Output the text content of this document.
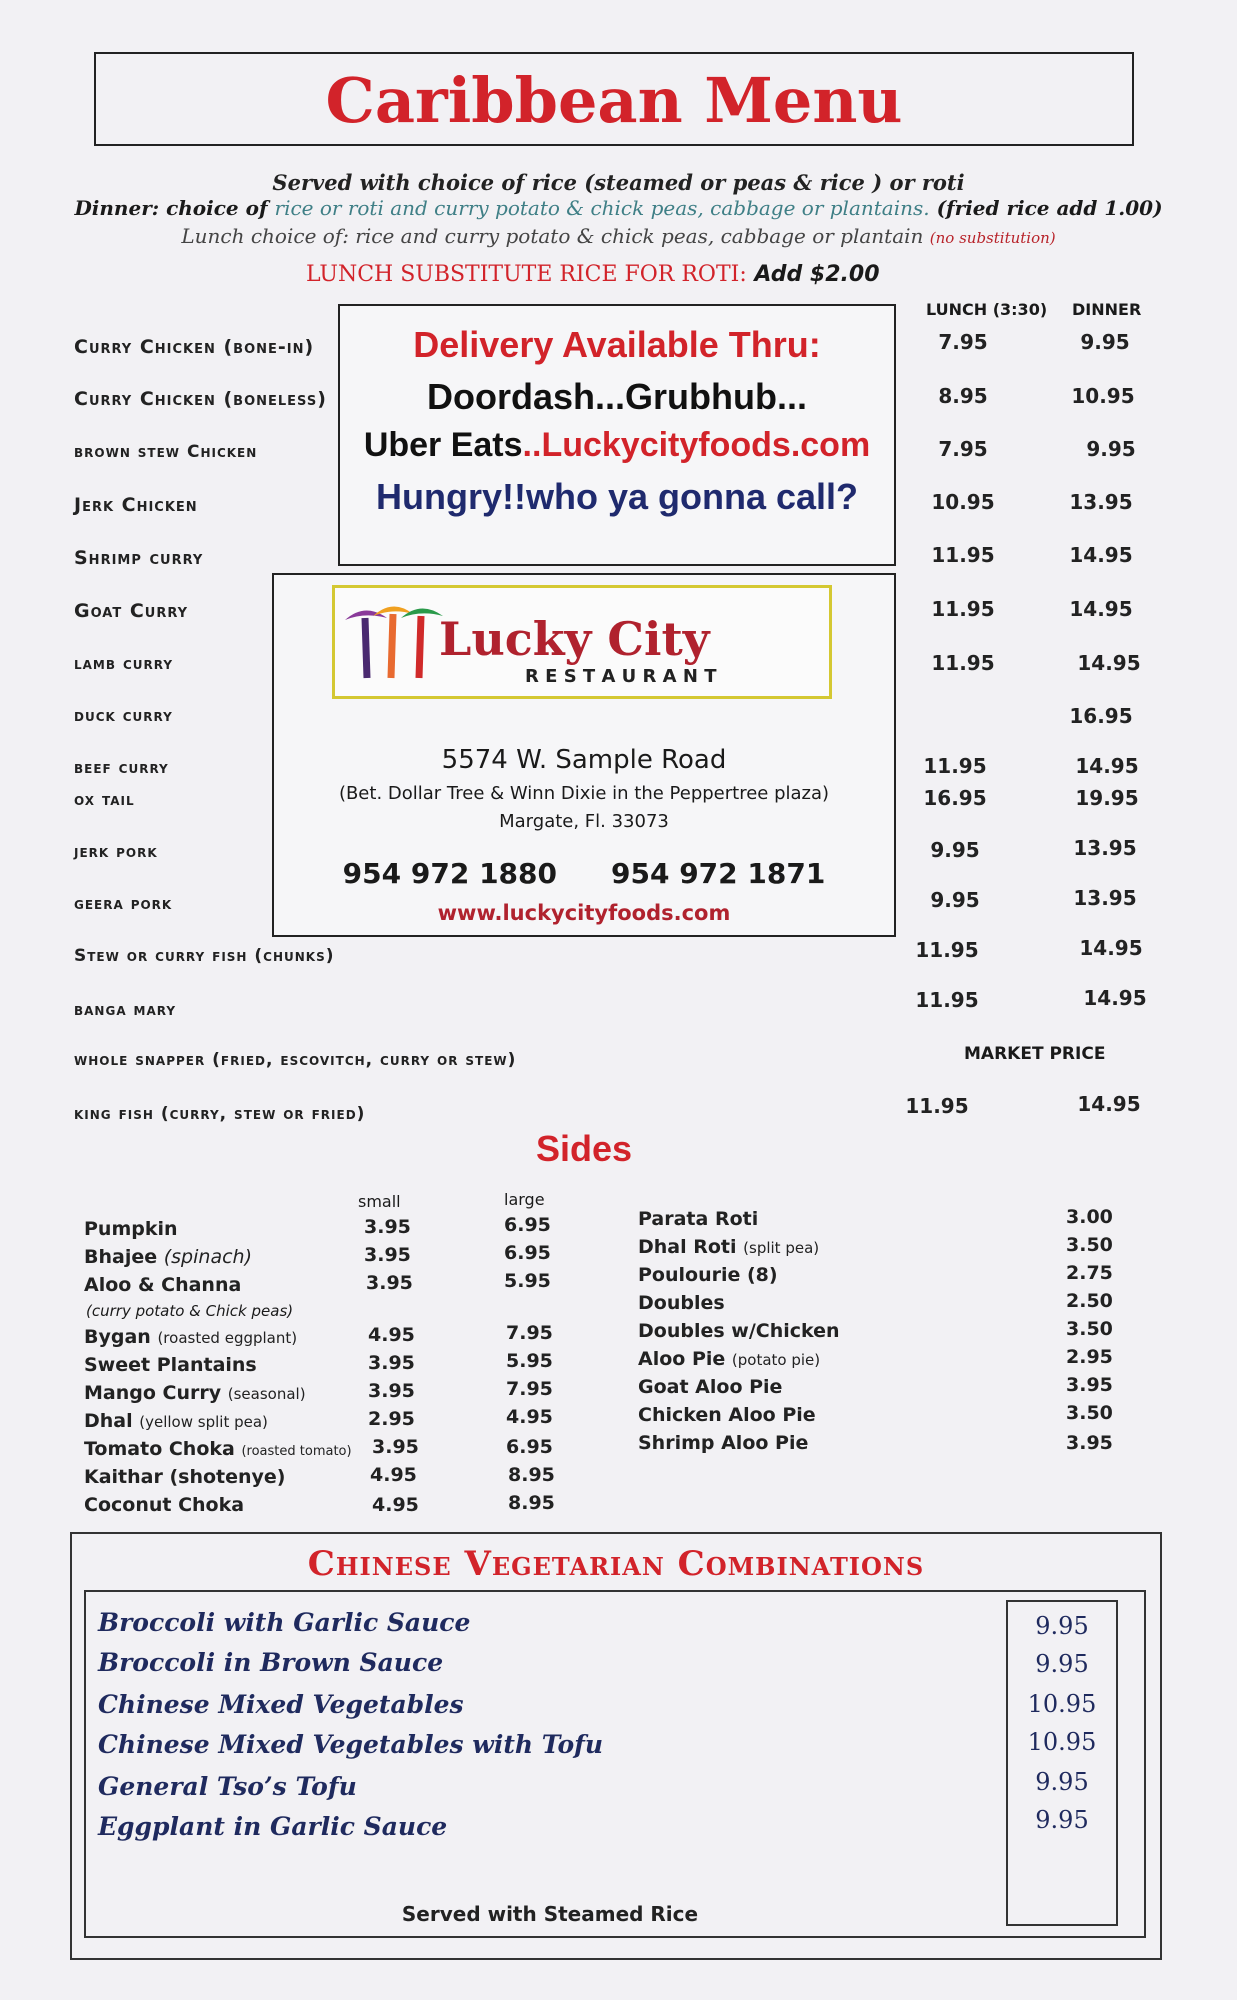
Caribbean Menu
Served with choice of rice (steamed or peas & rice ) or roti
Dinner: choice of rice or roti and curry potato & chick peas, cabbage or plantains. (fried rice add 1.00)
Lunch choice of: rice and curry potato & chick peas, cabbage or plantain (no substitution)
LUNCH SUBSTITUTE RICE FOR ROTI: Add $2.00
LUNCH (3:30) DINNER
Curry Chicken (bone-in)
Curry Chicken (boneless)
brown stew Chicken
Jerk Chicken
Shrimp curry
Goat Curry
lamb curry
duck curry
beef curry
ox tail
jerk pork
geera pork
Stew or curry fish (chunks)
banga mary
whole snapper (fried, escovitch, curry or stew)
king fish (curry, stew or fried)
7.95
8.95
7.95
10.95
11.95
11.95
11.95
11.95
16.95
9.95
9.95
11.95
11.95
11.95
9.95
10.95
9.95
13.95
14.95
14.95
14.95
16.95
14.95
19.95
13.95
13.95
14.95
14.95
14.95
MARKET PRICE
Delivery Available Thru:
Doordash...Grubhub...
Uber Eats..Luckycityfoods.com
Hungry!!who ya gonna call?
Lucky City
R E S T A U R A N T
5574 W. Sample Road
(Bet. Dollar Tree & Winn Dixie in the Peppertree plaza)
Margate, Fl. 33073
954 972 1880 954 972 1871
www.luckycityfoods.com
Sides
small	large
Pumpkin
Bhajee (spinach)
Aloo & Channa
(curry potato & Chick peas)
Bygan (roasted eggplant)
Sweet Plantains
Mango Curry (seasonal)
Dhal (yellow split pea)
Tomato Choka (roasted tomato)
Kaithar (shotenye)
Coconut Choka
3.95
3.95
3.95
4.95
3.95
3.95
2.95
3.95
4.95
4.95
6.95
6.95
5.95
7.95
5.95
7.95
4.95
6.95
8.95
8.95
Parata Roti
Dhal Roti (split pea)
Poulourie (8)
Doubles
Doubles w/Chicken
Aloo Pie (potato pie)
Goat Aloo Pie
Chicken Aloo Pie
Shrimp Aloo Pie
3.00
3.50
2.75
2.50
3.50
2.95
3.95
3.50
3.95
Chinese Vegetarian Combinations
Broccoli with Garlic Sauce
Broccoli in Brown Sauce
Chinese Mixed Vegetables
Chinese Mixed Vegetables with Tofu
General Tso’s Tofu
Eggplant in Garlic Sauce
9.95
9.95
10.95
10.95
9.95
9.95
Served with Steamed Rice
